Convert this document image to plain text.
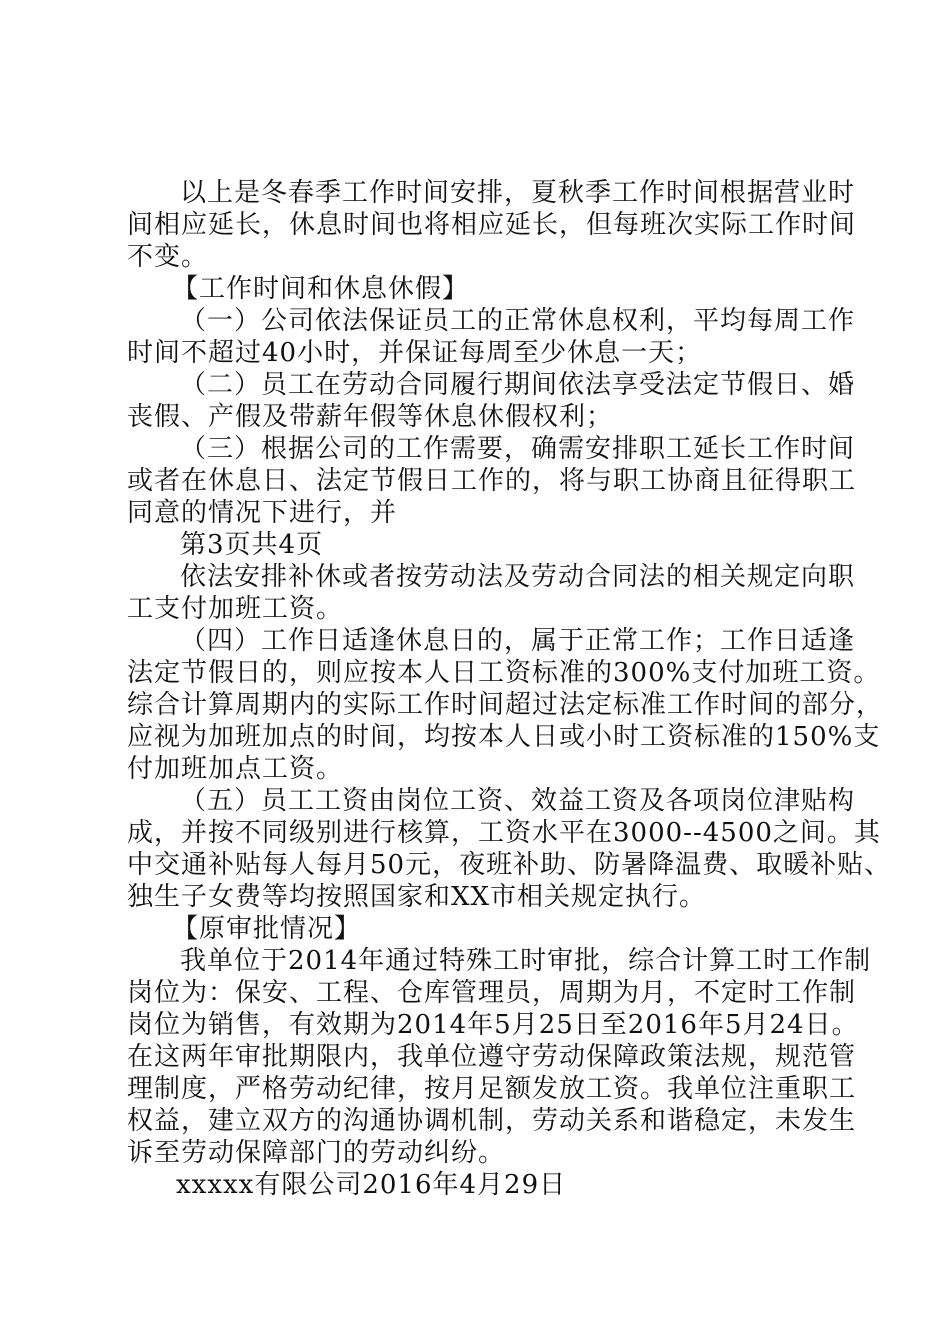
以上是冬春季工作时间安排，夏秋季工作时间根据营业时
间相应延长，休息时间也将相应延长，但每班次实际工作时间
不变。
【工作时间和休息休假】
（一）公司依法保证员工的正常休息权利，平均每周工作
时间不超过40小时，并保证每周至少休息一天；
（二）员工在劳动合同履行期间依法享受法定节假日、婚
丧假、产假及带薪年假等休息休假权利；
（三）根据公司的工作需要，确需安排职工延长工作时间
或者在休息日、法定节假日工作的，将与职工协商且征得职工
同意的情况下进行，并
第3页共4页
依法安排补休或者按劳动法及劳动合同法的相关规定向职
工支付加班工资。
（四）工作日适逢休息日的，属于正常工作；工作日适逢
法定节假日的，则应按本人日工资标准的300%支付加班工资。
综合计算周期内的实际工作时间超过法定标准工作时间的部分，
应视为加班加点的时间，均按本人日或小时工资标准的150%支
付加班加点工资。
（五）员工工资由岗位工资、效益工资及各项岗位津贴构
成，并按不同级别进行核算，工资水平在3000--4500之间。其
中交通补贴每人每月50元，夜班补助、防暑降温费、取暖补贴、
独生子女费等均按照国家和XX市相关规定执行。
【原审批情况】
我单位于2014年通过特殊工时审批，综合计算工时工作制
岗位为：保安、工程、仓库管理员，周期为月，不定时工作制
岗位为销售，有效期为2014年5月25日至2016年5月24日。
在这两年审批期限内，我单位遵守劳动保障政策法规，规范管
理制度，严格劳动纪律，按月足额发放工资。我单位注重职工
权益，建立双方的沟通协调机制，劳动关系和谐稳定，未发生
诉至劳动保障部门的劳动纠纷。
xxxxx有限公司2016年4月29日
